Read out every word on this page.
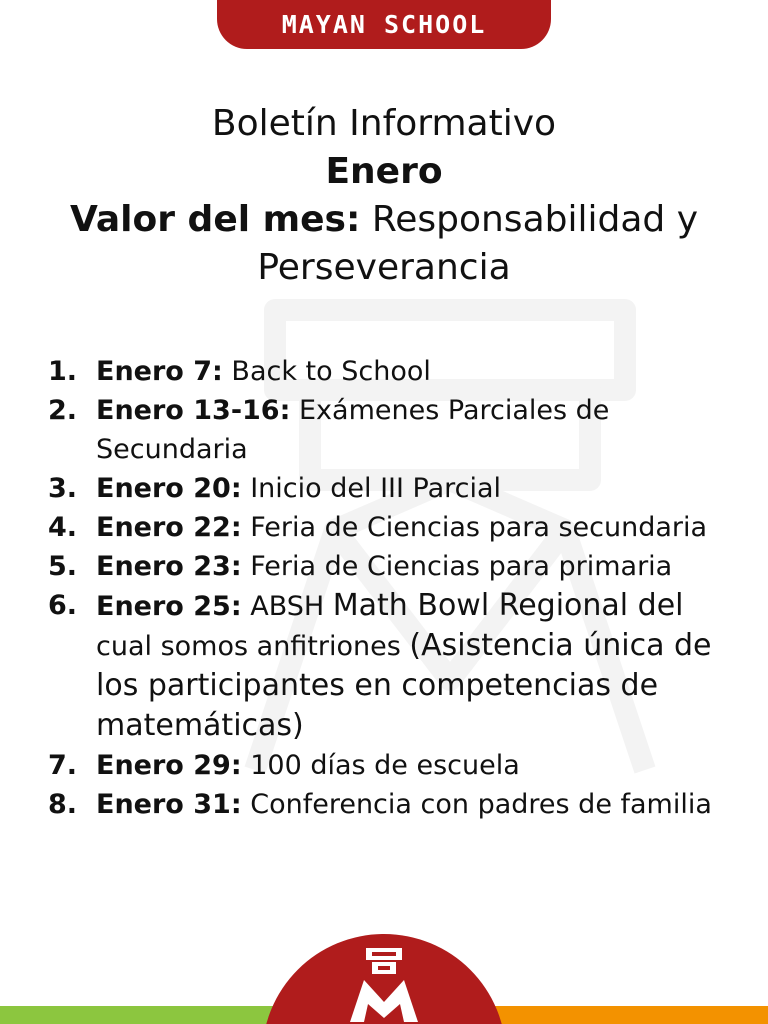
MAYAN SCHOOL
Boletín Informativo
Enero
Valor del mes: Responsabilidad y Perseverancia
1. Enero 7: Back to School
2. Enero 13-16: Exámenes Parciales de Secundaria
3. Enero 20: Inicio del III Parcial
4. Enero 22: Feria de Ciencias para secundaria
5. Enero 23: Feria de Ciencias para primaria
6. Enero 25: ABSH Math Bowl Regional del cual somos anfitriones (Asistencia única de los participantes en competencias de matemáticas)
7. Enero 29: 100 días de escuela
8. Enero 31: Conferencia con padres de familia
